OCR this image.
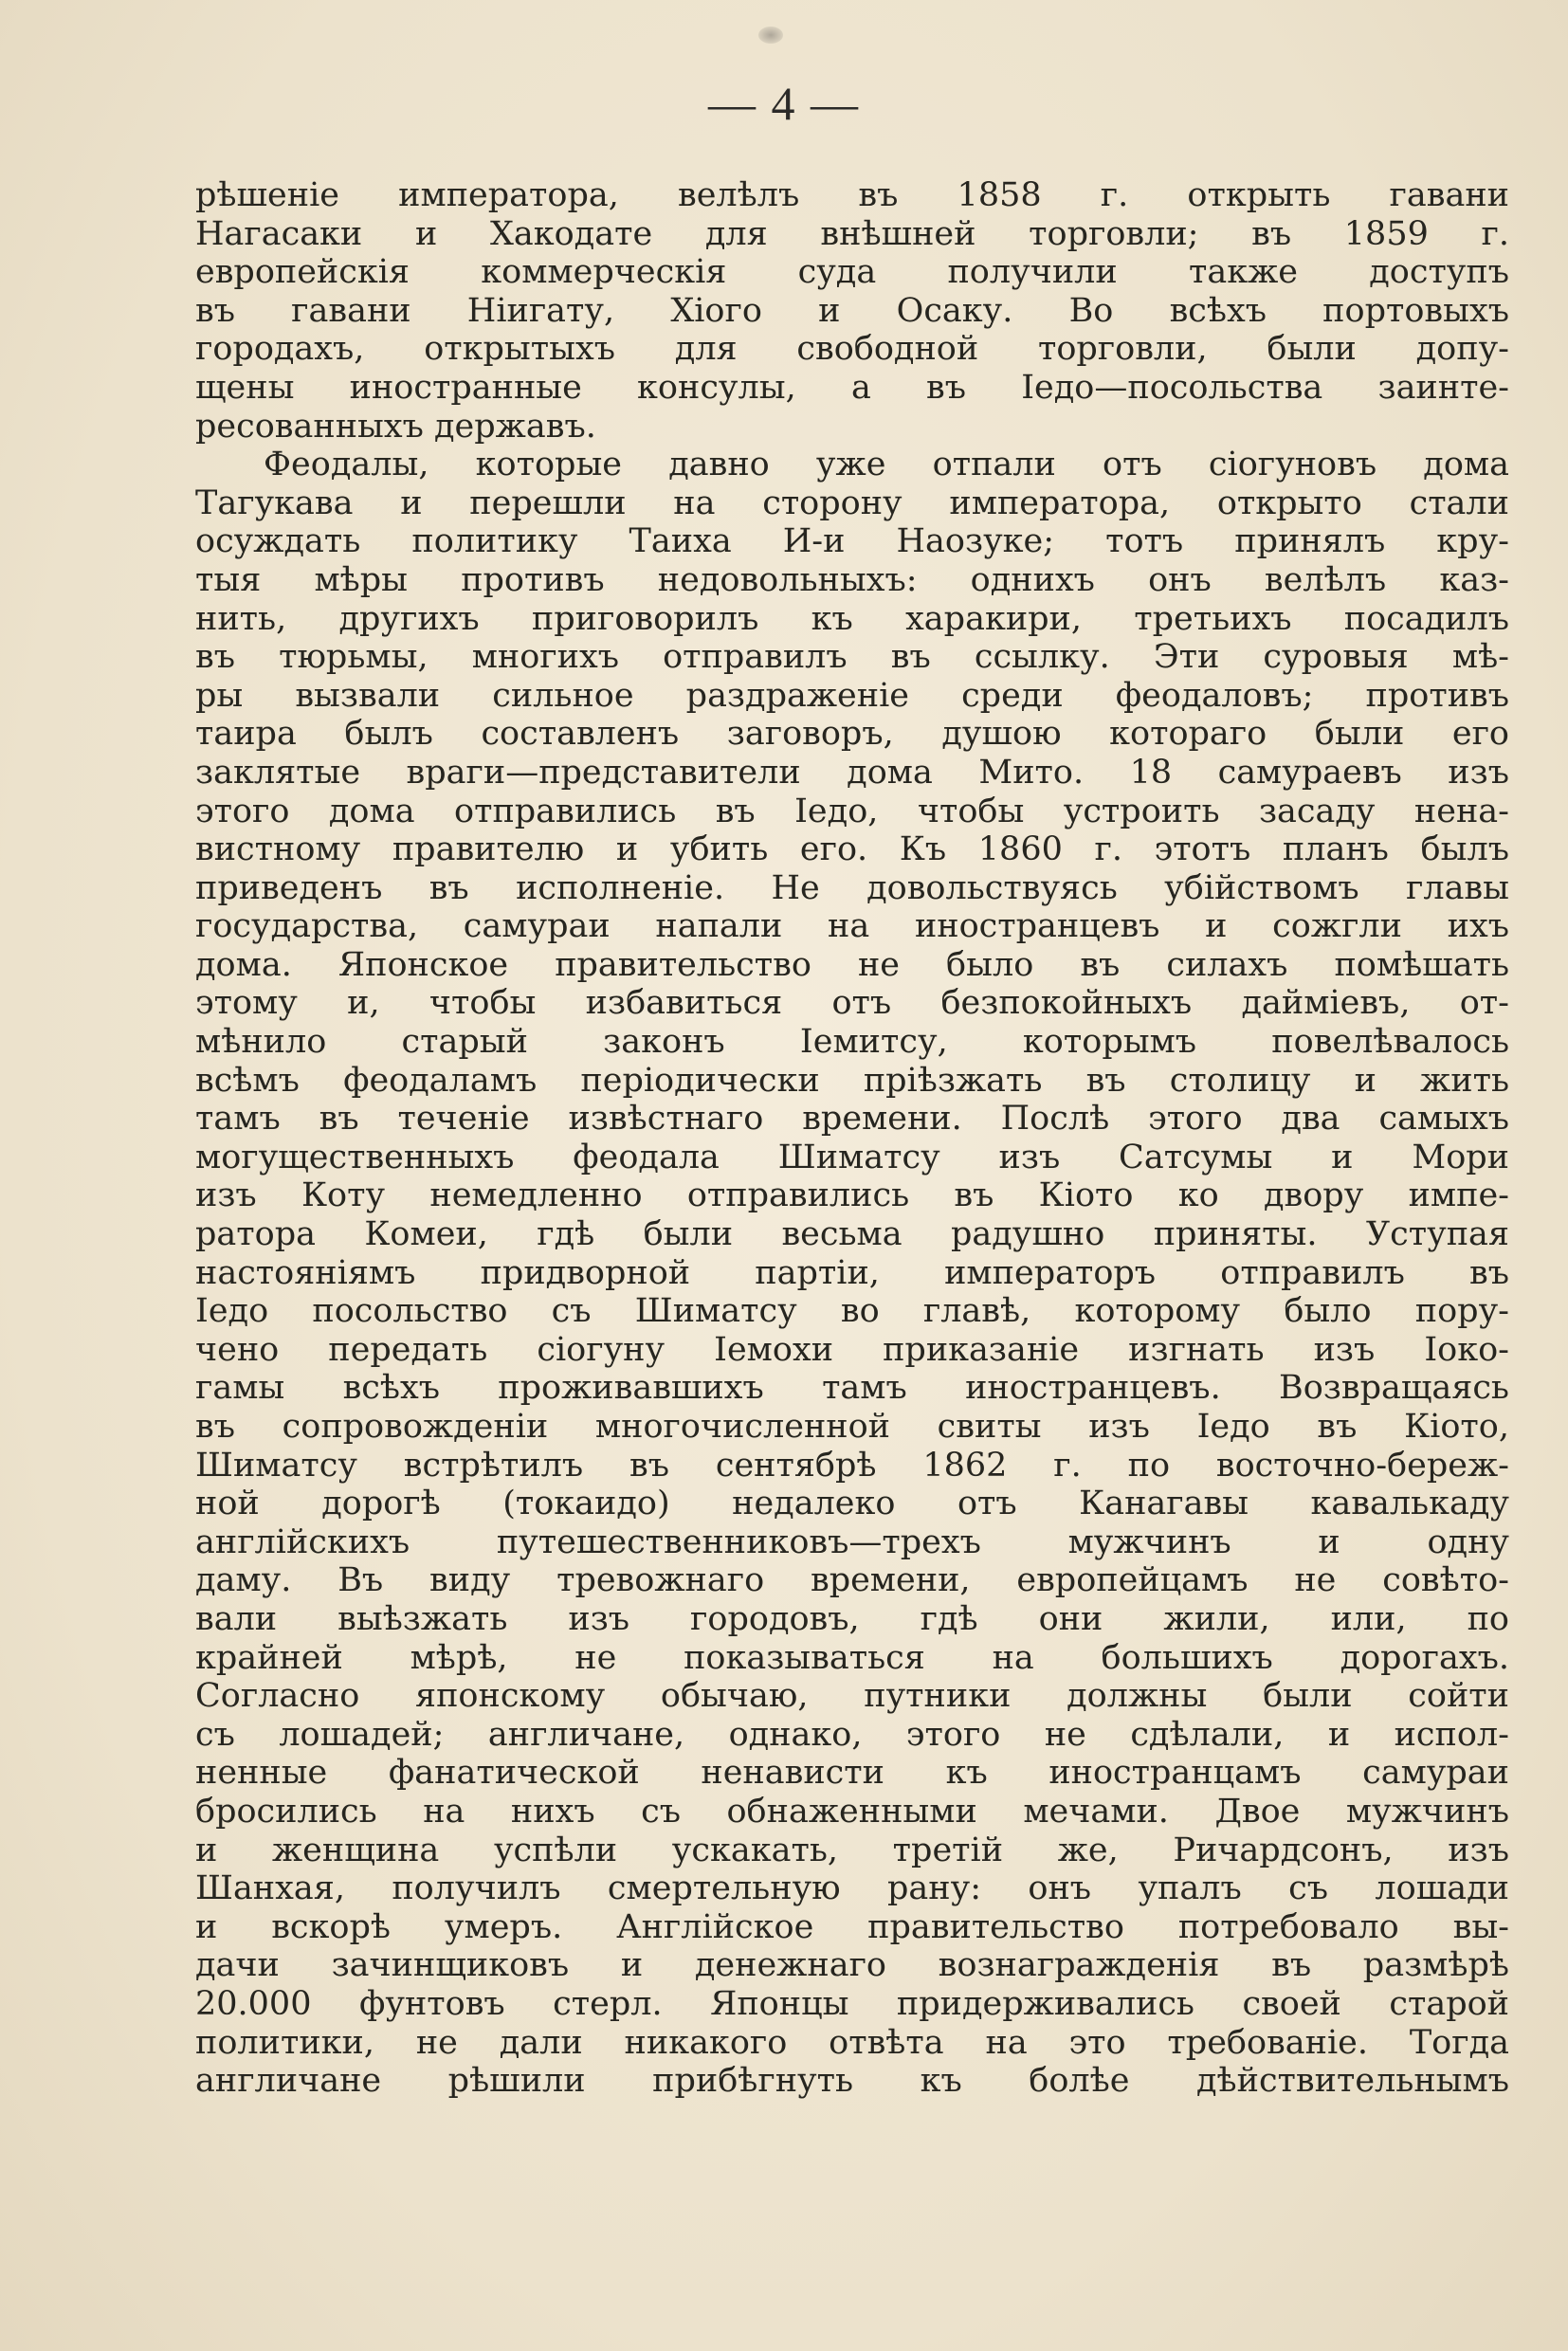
— 4 —
рѣшеніе императора, велѣлъ въ 1858 г. открыть гавани
Нагасаки и Хакодате для внѣшней торговли; въ 1859 г.
европейскія коммерческія суда получили также доступъ
въ гавани Ніигату, Хіого и Осаку. Во всѣхъ портовыхъ
городахъ, открытыхъ для свободной торговли, были допу-
щены иностранные консулы, а въ Іедо—посольства заинте-
ресованныхъ державъ.
Феодалы, которые давно уже отпали отъ сіогуновъ дома
Тагукава и перешли на сторону императора, открыто стали
осуждать политику Таиха И-и Наозуке; тотъ принялъ кру-
тыя мѣры противъ недовольныхъ: однихъ онъ велѣлъ каз-
нить, другихъ приговорилъ къ харакири, третьихъ посадилъ
въ тюрьмы, многихъ отправилъ въ ссылку. Эти суровыя мѣ-
ры вызвали сильное раздраженіе среди феодаловъ; противъ
таира былъ составленъ заговоръ, душою котораго были его
заклятые враги—представители дома Мито. 18 самураевъ изъ
этого дома отправились въ Іедо, чтобы устроить засаду нена-
вистному правителю и убить его. Къ 1860 г. этотъ планъ былъ
приведенъ въ исполненіе. Не довольствуясь убійствомъ главы
государства, самураи напали на иностранцевъ и сожгли ихъ
дома. Японское правительство не было въ силахъ помѣшать
этому и, чтобы избавиться отъ безпокойныхъ дайміевъ, от-
мѣнило старый законъ Іемитсу, которымъ повелѣвалось
всѣмъ феодаламъ періодически пріѣзжать въ столицу и жить
тамъ въ теченіе извѣстнаго времени. Послѣ этого два самыхъ
могущественныхъ феодала Шиматсу изъ Сатсумы и Мори
изъ Коту немедленно отправились въ Кіото ко двору импе-
ратора Комеи, гдѣ были весьма радушно приняты. Уступая
настояніямъ придворной партіи, императоръ отправилъ въ
Іедо посольство съ Шиматсу во главѣ, которому было пору-
чено передать сіогуну Іемохи приказаніе изгнать изъ Іоко-
гамы всѣхъ проживавшихъ тамъ иностранцевъ. Возвращаясь
въ сопровожденіи многочисленной свиты изъ Іедо въ Кіото,
Шиматсу встрѣтилъ въ сентябрѣ 1862 г. по восточно-береж-
ной дорогѣ (токаидо) недалеко отъ Канагавы кавалькаду
англійскихъ путешественниковъ—трехъ мужчинъ и одну
даму. Въ виду тревожнаго времени, европейцамъ не совѣто-
вали выѣзжать изъ городовъ, гдѣ они жили, или, по
крайней мѣрѣ, не показываться на большихъ дорогахъ.
Согласно японскому обычаю, путники должны были сойти
съ лошадей; англичане, однако, этого не сдѣлали, и испол-
ненные фанатической ненависти къ иностранцамъ самураи
бросились на нихъ съ обнаженными мечами. Двое мужчинъ
и женщина успѣли ускакать, третій же, Ричардсонъ, изъ
Шанхая, получилъ смертельную рану: онъ упалъ съ лошади
и вскорѣ умеръ. Англійское правительство потребовало вы-
дачи зачинщиковъ и денежнаго вознагражденія въ размѣрѣ
20.000 фунтовъ стерл. Японцы придерживались своей старой
политики, не дали никакого отвѣта на это требованіе. Тогда
англичане рѣшили прибѣгнуть къ болѣе дѣйствительнымъ
